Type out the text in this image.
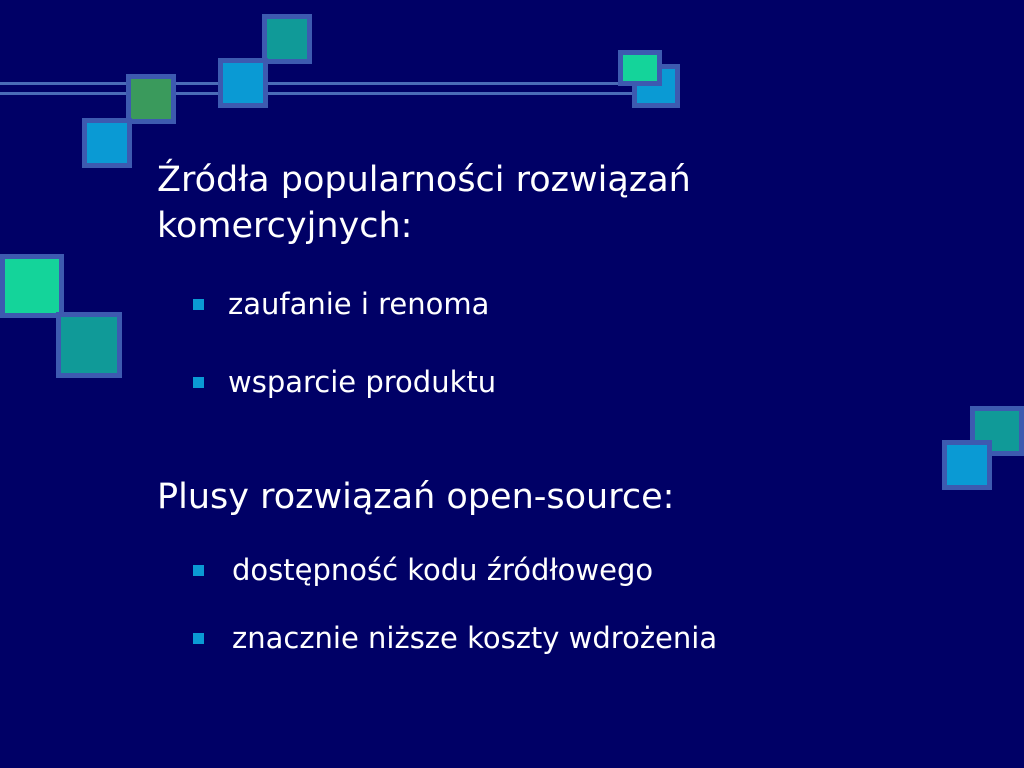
Źródła popularności rozwiązań
komercyjnych:
zaufanie i renoma
wsparcie produktu
Plusy rozwiązań open-source:
dostępność kodu źródłowego
znacznie niższe koszty wdrożenia
